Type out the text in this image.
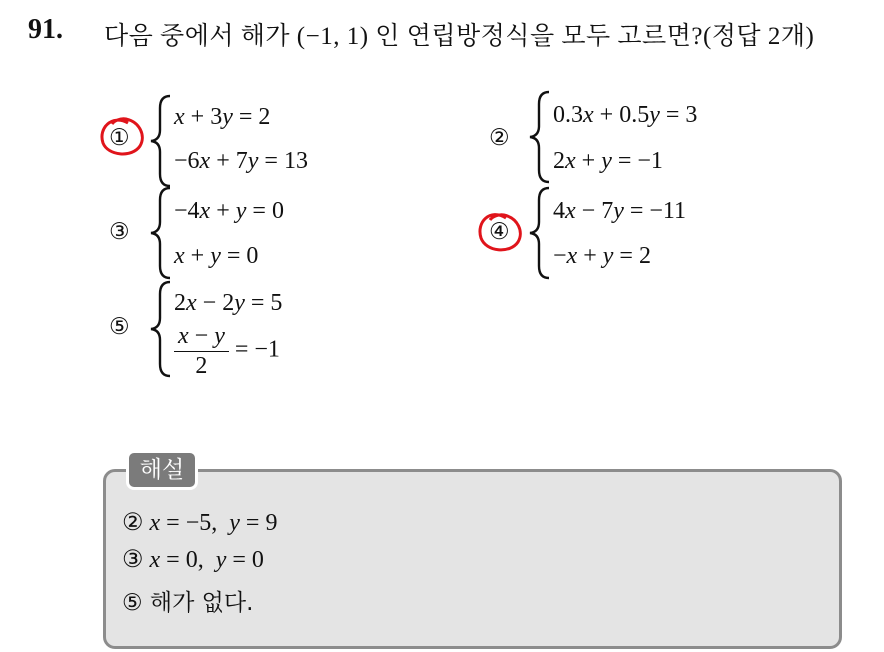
91. 다음 중에서 해가 (−1, 1) 인 연립방정식을 모두 고르면?(정답 2개)
①
x + 3y = 2
−6x + 7y = 13
②
0.3x + 0.5y = 3
2x + y = −1
③
−4x + y = 0
x + y = 0
④
4x − 7y = −11
−x + y = 2
⑤
2x − 2y = 5
$\frac{x - y}{2} = -1$
해설
② x = −5,  y = 9
③ x = 0,  y = 0
⑤ 해가 없다.
